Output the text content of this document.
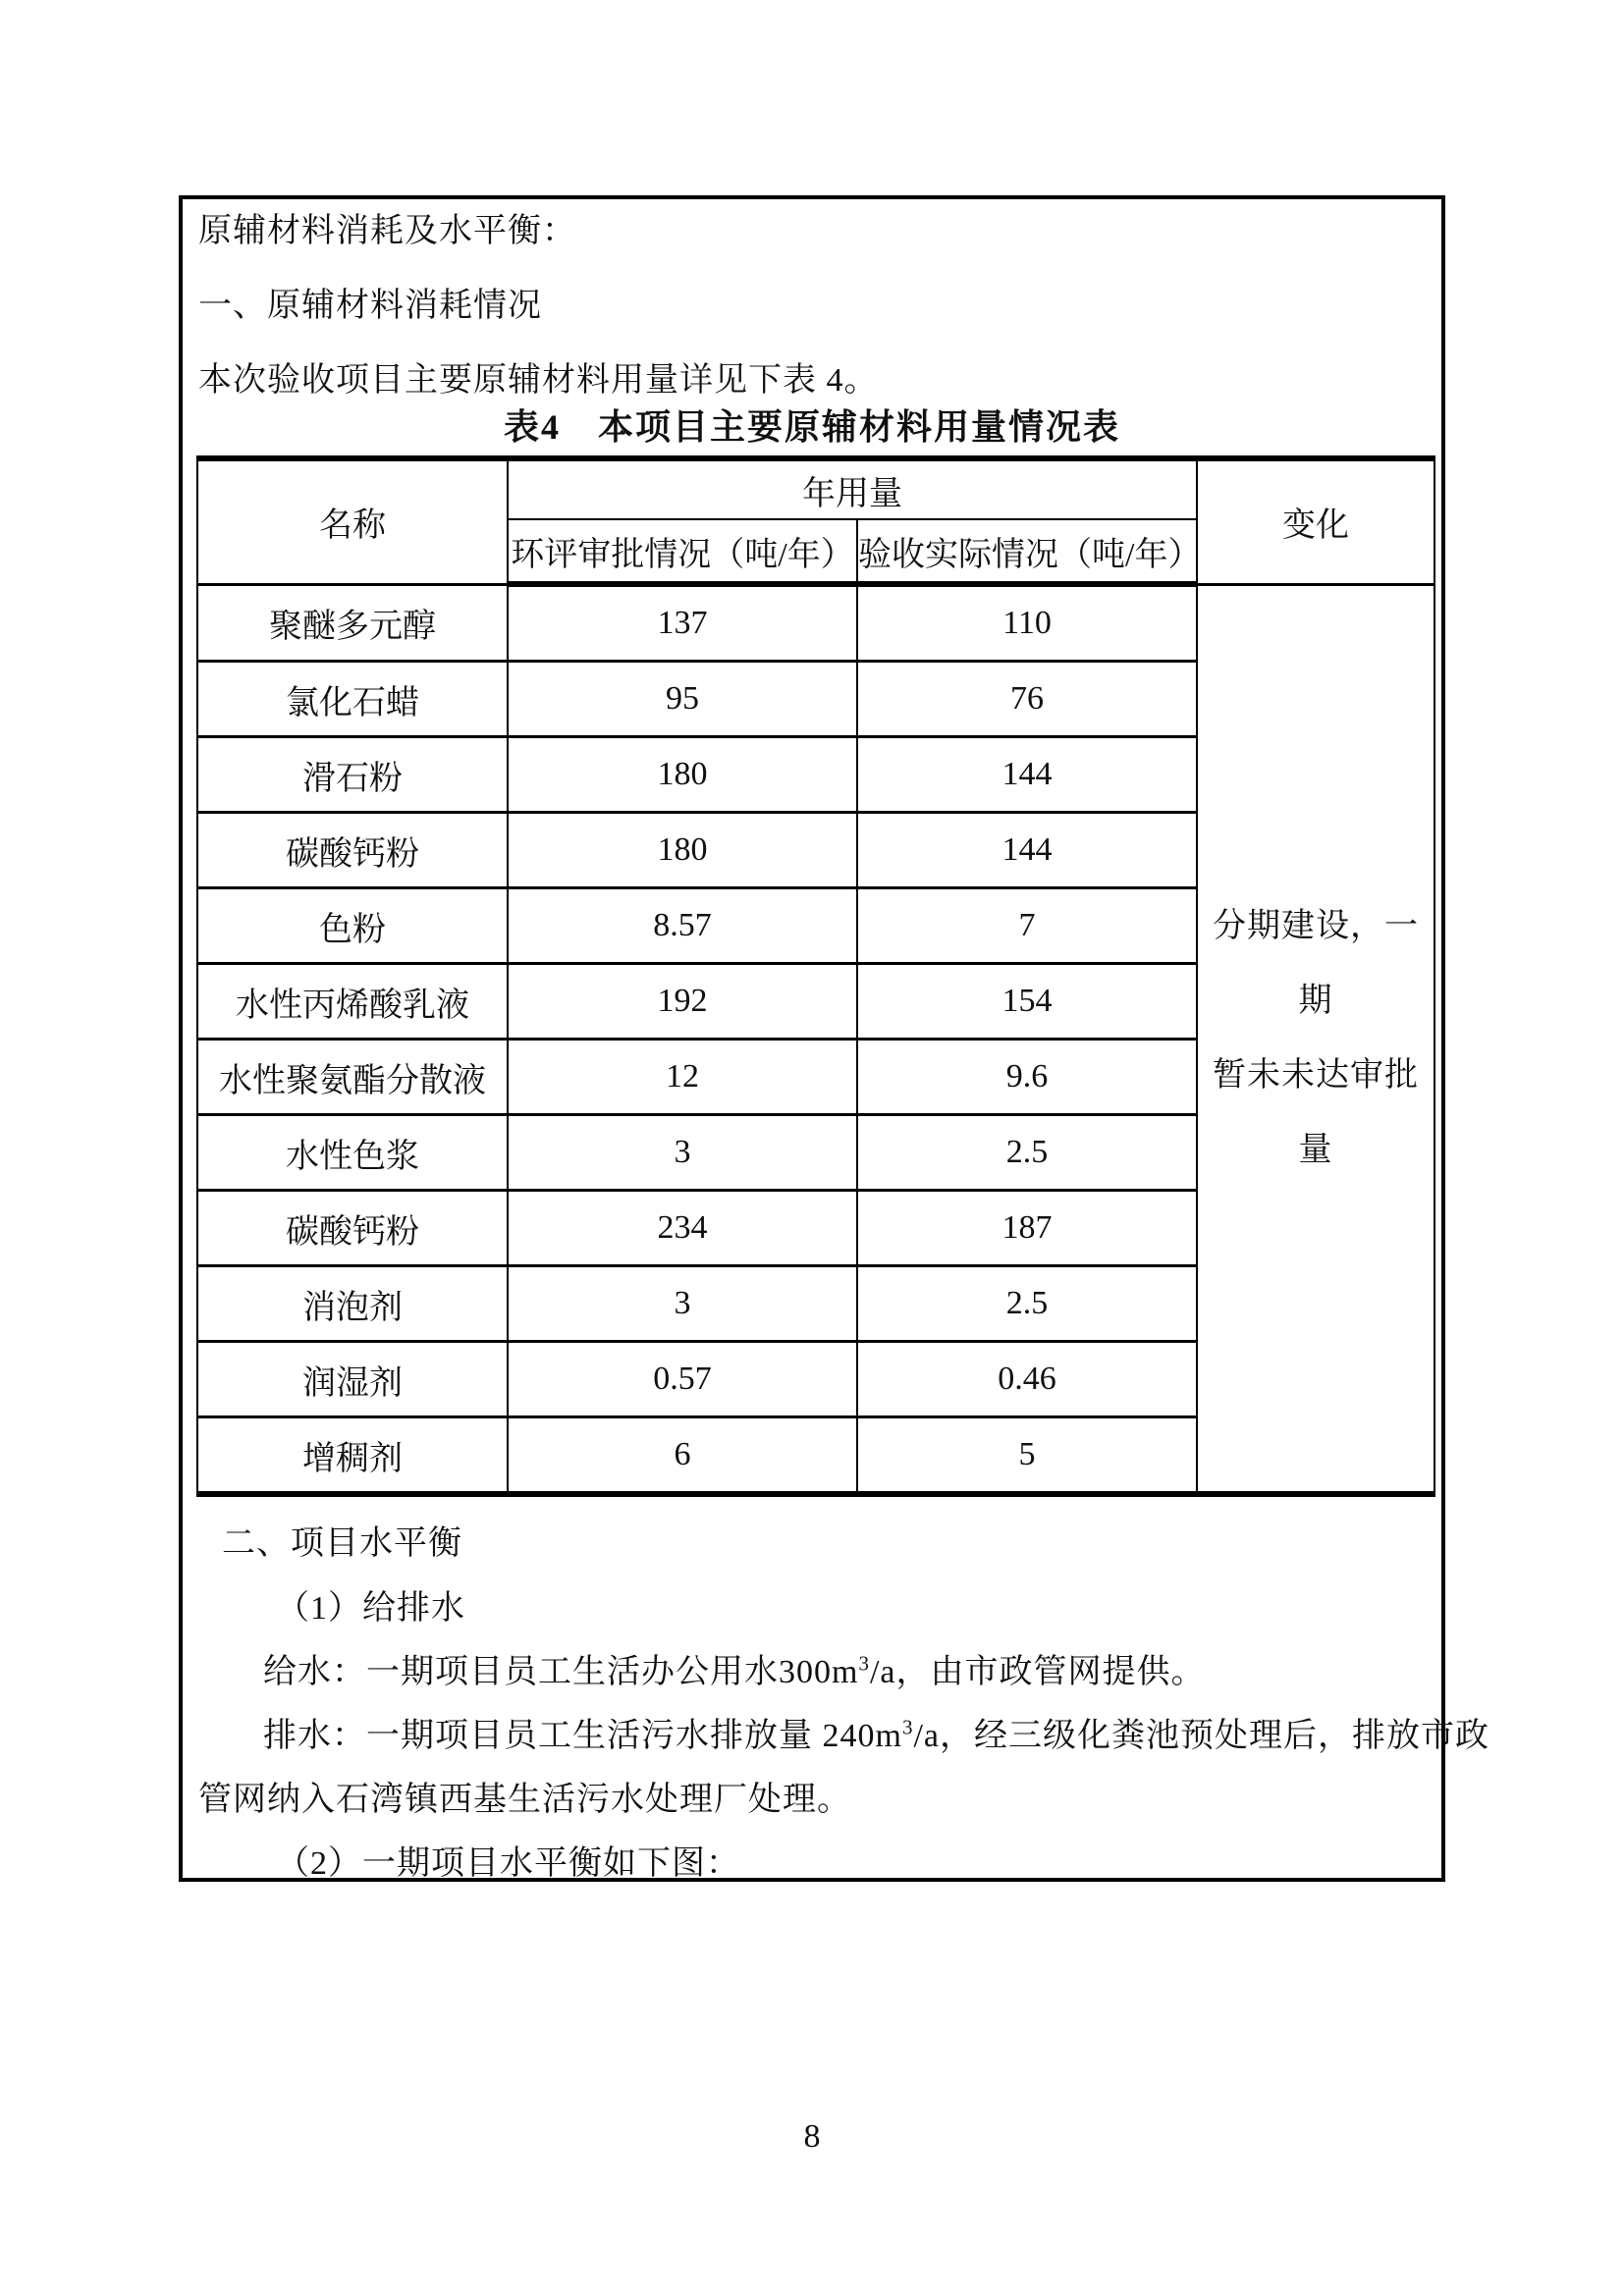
原辅材料消耗及水平衡：
一、原辅材料消耗情况
本次验收项目主要原辅材料用量详见下表 4。
表4　本项目主要原辅材料用量情况表
名称	年用量		变化
	环评审批情况（吨/年）	验收实际情况（吨/年）	
聚醚多元醇	137	110	分期建设，一期
暂未未达审批量

氯化石蜡	95	76	
滑石粉	180	144	
碳酸钙粉	180	144	
色粉	8.57	7	
水性丙烯酸乳液	192	154	
水性聚氨酯分散液	12	9.6	
水性色浆	3	2.5	
碳酸钙粉	234	187	
消泡剂	3	2.5	
润湿剂	0.57	0.46	
增稠剂	6	5	
二、项目水平衡
（1）给排水
给水：一期项目员工生活办公用水$300m^3/a$，由市政管网提供。
排水：一期项目员工生活污水排放量 $240m^3/a$，经三级化粪池预处理后，排放市政
管网纳入石湾镇西基生活污水处理厂处理。
（2）一期项目水平衡如下图：
8
